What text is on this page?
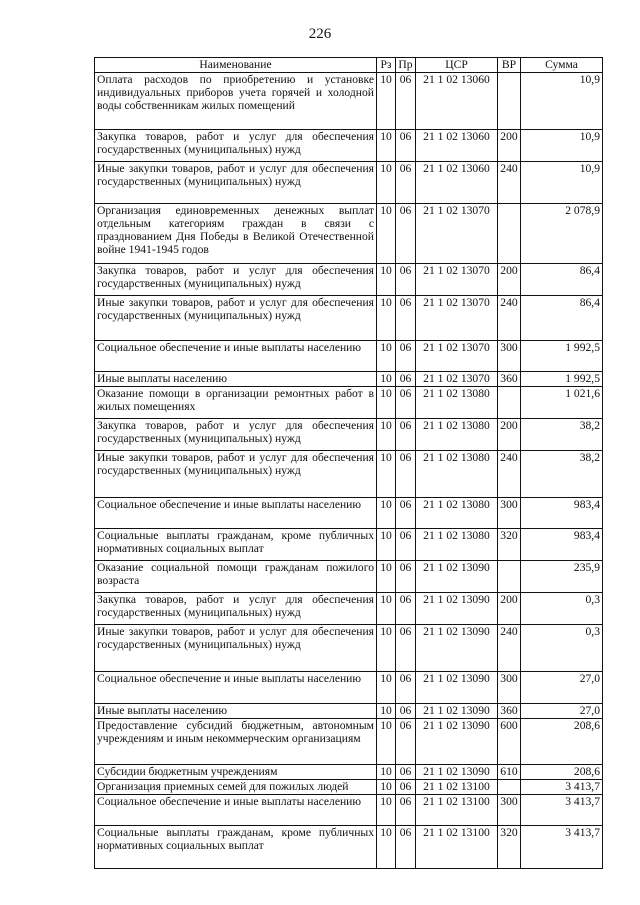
226
Наименование	Рз	Пр	ЦСР	ВР	Сумма
Оплата расходов по приобретению и установке индивидуальных приборов учета горячей и холодной воды собственникам жилых помещений	10	06	21 1 02 13060		10,9
Закупка товаров, работ и услуг для обеспечения государственных (муниципальных) нужд	10	06	21 1 02 13060	200	10,9
Иные закупки товаров, работ и услуг для обеспечения государственных (муниципальных) нужд	10	06	21 1 02 13060	240	10,9
Организация единовременных денежных выплат отдельным категориям граждан в связи с празднованием Дня Победы в Великой Отечественной войне 1941-1945 годов	10	06	21 1 02 13070		2 078,9
Закупка товаров, работ и услуг для обеспечения государственных (муниципальных) нужд	10	06	21 1 02 13070	200	86,4
Иные закупки товаров, работ и услуг для обеспечения государственных (муниципальных) нужд	10	06	21 1 02 13070	240	86,4
Социальное обеспечение и иные выплаты населению	10	06	21 1 02 13070	300	1 992,5
Иные выплаты населению	10	06	21 1 02 13070	360	1 992,5
Оказание помощи в организации ремонтных работ в жилых помещениях	10	06	21 1 02 13080		1 021,6
Закупка товаров, работ и услуг для обеспечения государственных (муниципальных) нужд	10	06	21 1 02 13080	200	38,2
Иные закупки товаров, работ и услуг для обеспечения государственных (муниципальных) нужд	10	06	21 1 02 13080	240	38,2
Социальное обеспечение и иные выплаты населению	10	06	21 1 02 13080	300	983,4
Социальные выплаты гражданам, кроме публичных нормативных социальных выплат	10	06	21 1 02 13080	320	983,4
Оказание социальной помощи гражданам пожилого возраста	10	06	21 1 02 13090		235,9
Закупка товаров, работ и услуг для обеспечения государственных (муниципальных) нужд	10	06	21 1 02 13090	200	0,3
Иные закупки товаров, работ и услуг для обеспечения государственных (муниципальных) нужд	10	06	21 1 02 13090	240	0,3
Социальное обеспечение и иные выплаты населению	10	06	21 1 02 13090	300	27,0
Иные выплаты населению	10	06	21 1 02 13090	360	27,0
Предоставление субсидий бюджетным, автономным учреждениям и иным некоммерческим организациям	10	06	21 1 02 13090	600	208,6
Субсидии бюджетным учреждениям	10	06	21 1 02 13090	610	208,6
Организация приемных семей для пожилых людей	10	06	21 1 02 13100		3 413,7
Социальное обеспечение и иные выплаты населению	10	06	21 1 02 13100	300	3 413,7
Социальные выплаты гражданам, кроме публичных нормативных социальных выплат	10	06	21 1 02 13100	320	3 413,7
